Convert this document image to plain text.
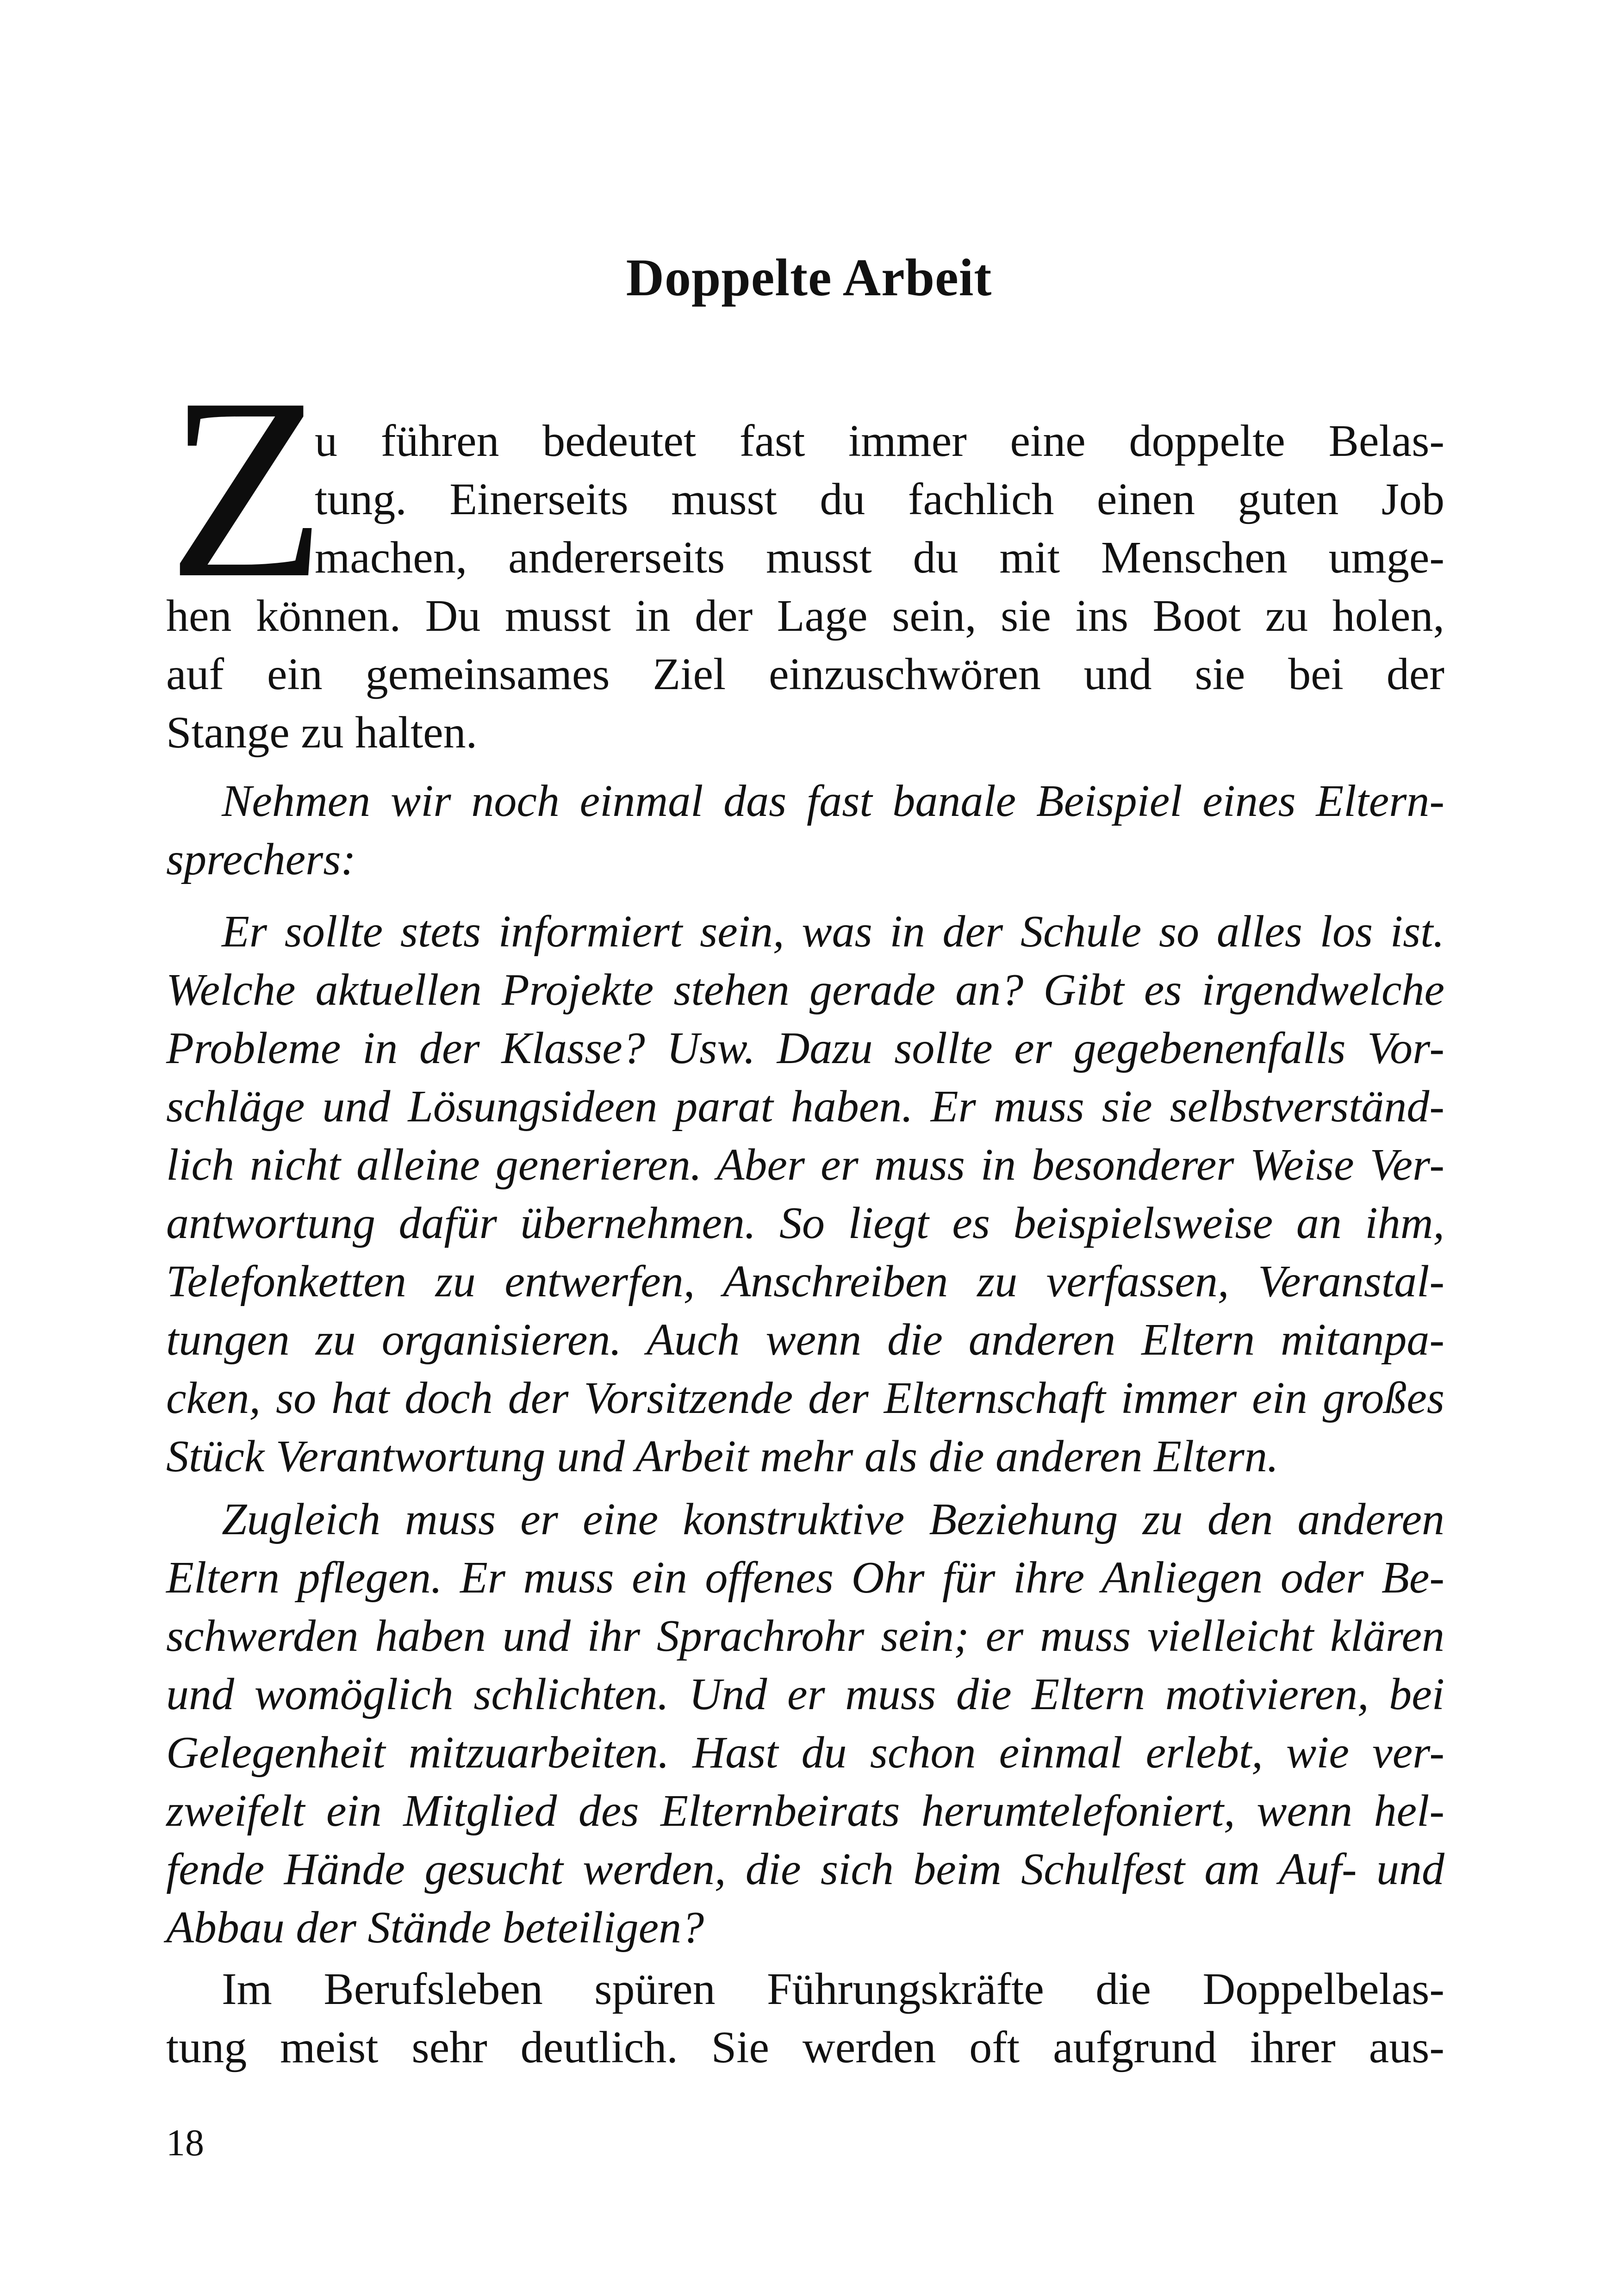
Doppelte Arbeit
Z
u führen bedeutet fast immer eine doppelte Belas-
tung. Einerseits musst du fachlich einen guten Job
machen, andererseits musst du mit Menschen umge-
hen können. Du musst in der Lage sein, sie ins Boot zu holen,
auf ein gemeinsames Ziel einzuschwören und sie bei der
Stange zu halten.
Nehmen wir noch einmal das fast banale Beispiel eines Eltern-
sprechers:
Er sollte stets informiert sein, was in der Schule so alles los ist.
Welche aktuellen Projekte stehen gerade an? Gibt es irgendwelche
Probleme in der Klasse? Usw. Dazu sollte er gegebenenfalls Vor-
schläge und Lösungsideen parat haben. Er muss sie selbstverständ-
lich nicht alleine generieren. Aber er muss in besonderer Weise Ver-
antwortung dafür übernehmen. So liegt es beispielsweise an ihm,
Telefonketten zu entwerfen, Anschreiben zu verfassen, Veranstal-
tungen zu organisieren. Auch wenn die anderen Eltern mitanpa-
cken, so hat doch der Vorsitzende der Elternschaft immer ein großes
Stück Verantwortung und Arbeit mehr als die anderen Eltern.
Zugleich muss er eine konstruktive Beziehung zu den anderen
Eltern pflegen. Er muss ein offenes Ohr für ihre Anliegen oder Be-
schwerden haben und ihr Sprachrohr sein; er muss vielleicht klären
und womöglich schlichten. Und er muss die Eltern motivieren, bei
Gelegenheit mitzuarbeiten. Hast du schon einmal erlebt, wie ver-
zweifelt ein Mitglied des Elternbeirats herumtelefoniert, wenn hel-
fende Hände gesucht werden, die sich beim Schulfest am Auf- und
Abbau der Stände beteiligen?
Im Berufsleben spüren Führungskräfte die Doppelbelas-
tung meist sehr deutlich. Sie werden oft aufgrund ihrer aus-
18
